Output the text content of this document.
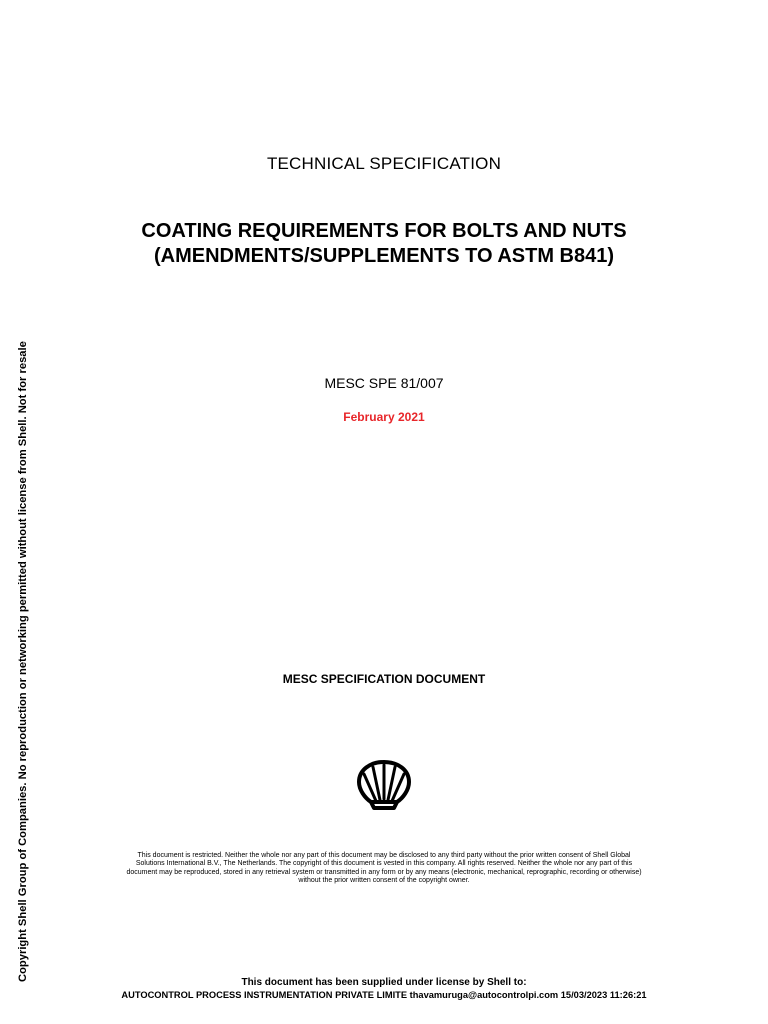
Copyright Shell Group of Companies. No reproduction or networking permitted without license from Shell. Not for resale
TECHNICAL SPECIFICATION
COATING REQUIREMENTS FOR BOLTS AND NUTS
(AMENDMENTS/SUPPLEMENTS TO ASTM B841)
MESC SPE 81/007
February 2021
MESC SPECIFICATION DOCUMENT
This document is restricted. Neither the whole nor any part of this document may be disclosed to any third party without the prior written consent of Shell Global
Solutions International B.V., The Netherlands. The copyright of this document is vested in this company. All rights reserved. Neither the whole nor any part of this
document may be reproduced, stored in any retrieval system or transmitted in any form or by any means (electronic, mechanical, reprographic, recording or otherwise)
without the prior written consent of the copyright owner.
This document has been supplied under license by Shell to:
AUTOCONTROL PROCESS INSTRUMENTATION PRIVATE LIMITE thavamuruga@autocontrolpi.com 15/03/2023 11:26:21
